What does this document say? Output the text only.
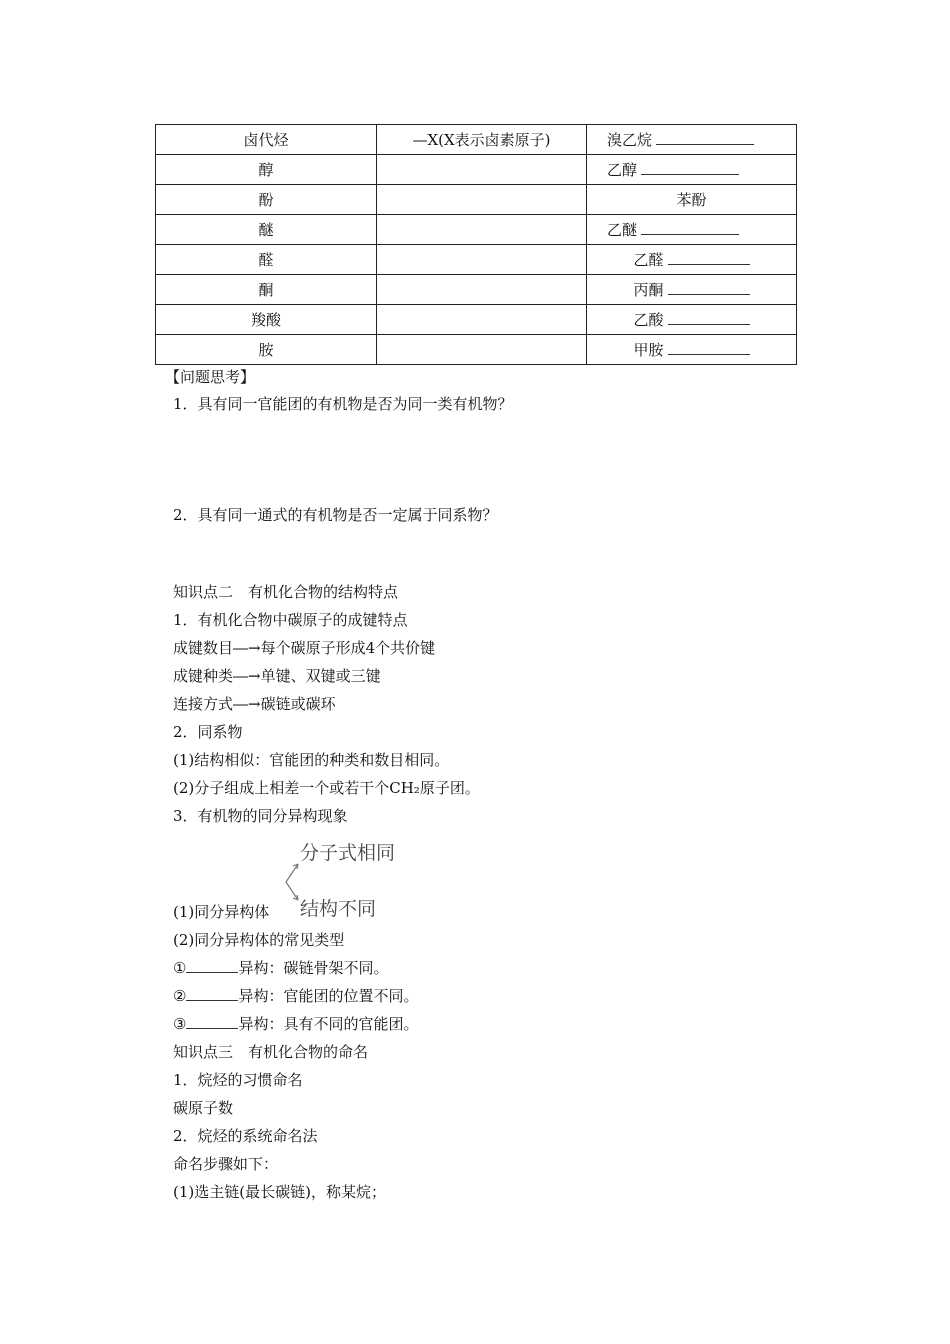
卤代烃	—X(X表示卤素原子)	溴乙烷
醇		乙醇
酚		苯酚
醚		乙醚
醛		乙醛
酮		丙酮
羧酸		乙酸
胺		甲胺
【问题思考】
1．具有同一官能团的有机物是否为同一类有机物？
2．具有同一通式的有机物是否一定属于同系物？
知识点二　有机化合物的结构特点
1．有机化合物中碳原子的成键特点
成键数目―→每个碳原子形成4个共价键
成键种类―→单键、双键或三键
连接方式―→碳链或碳环
2．同系物
(1)结构相似：官能团的种类和数目相同。
(2)分子组成上相差一个或若干个CH₂原子团。
3．有机物的同分异构现象
分子式相同
结构不同
(1)同分异构体
(2)同分异构体的常见类型
①	异构：碳链骨架不同。
②	异构：官能团的位置不同。
③	异构：具有不同的官能团。
知识点三　有机化合物的命名
1．烷烃的习惯命名
碳原子数
2．烷烃的系统命名法
命名步骤如下：
(1)选主链(最长碳链)，称某烷；
